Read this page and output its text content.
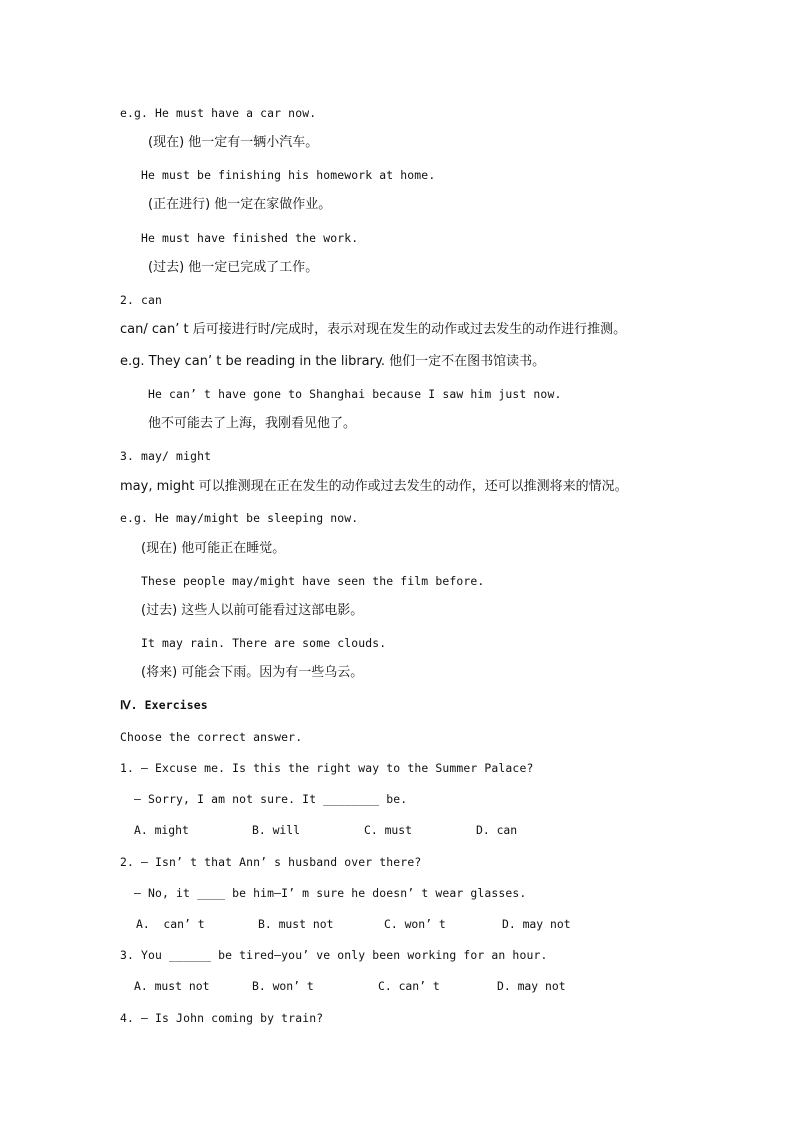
e.g. He must have a car now.
(现在) 他一定有一辆小汽车。
He must be finishing his homework at home.
(正在进行) 他一定在家做作业。
He must have finished the work.
(过去) 他一定已完成了工作。
2. can
can/ can’ t 后可接进行时/完成时，表示对现在发生的动作或过去发生的动作进行推测。
e.g. They can’ t be reading in the library. 他们一定不在图书馆读书。
He can’ t have gone to Shanghai because I saw him just now.
他不可能去了上海，我刚看见他了。
3. may/ might
may, might 可以推测现在正在发生的动作或过去发生的动作，还可以推测将来的情况。
e.g. He may/might be sleeping now.
(现在) 他可能正在睡觉。
These people may/might have seen the film before.
(过去) 这些人以前可能看过这部电影。
It may rain. There are some clouds.
(将来) 可能会下雨。因为有一些乌云。
Ⅳ. Exercises
Choose the correct answer.
1. — Excuse me. Is this the right way to the Summer Palace?
— Sorry, I am not sure. It ________ be.
A. might	B. will	C. must	D. can
2. — Isn’ t that Ann’ s husband over there?
— No, it ____ be him—I’ m sure he doesn’ t wear glasses.
A.  can’ t	B. must not	C. won’ t	D. may not
3. You ______ be tired—you’ ve only been working for an hour.
A. must not	B. won’ t	C. can’ t	D. may not
4. — Is John coming by train?
